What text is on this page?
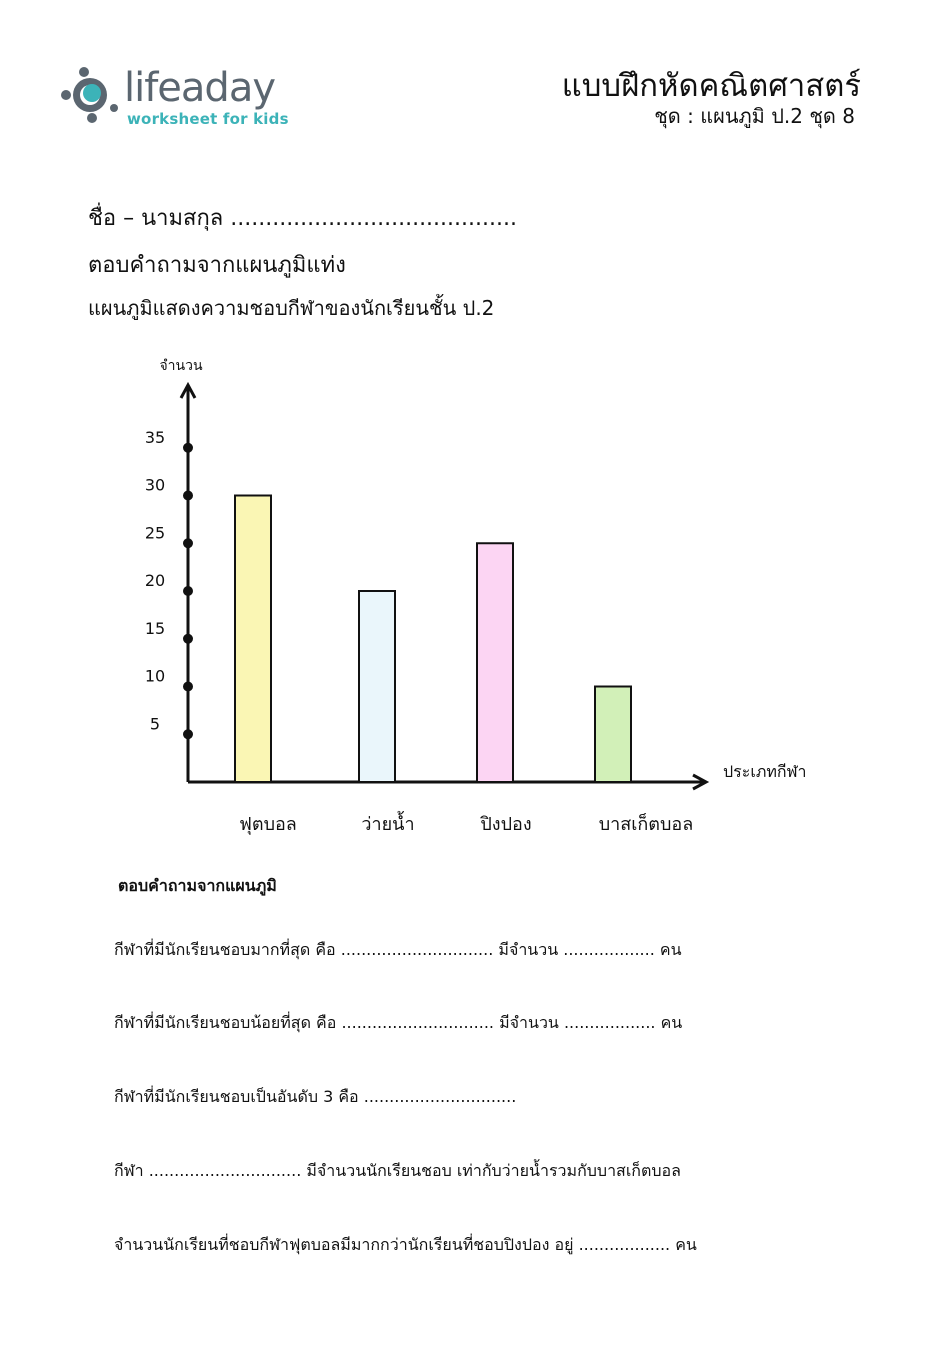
lifeaday
worksheet for kids
แบบฝึกหัดคณิตศาสตร์
ชุด : แผนภูมิ ป.2 ชุด 8
ชื่อ – นามสกุล .........................................
ตอบคำถามจากแผนภูมิแท่ง
แผนภูมิแสดงความชอบกีฬาของนักเรียนชั้น ป.2
จำนวน
ประเภทกีฬา
5
10
15
20
25
30
35
ฟุตบอล	ว่ายน้ำ	ปิงปอง	บาสเก็ตบอล
ตอบคำถามจากแผนภูมิ
กีฬาที่มีนักเรียนชอบมากที่สุด คือ .............................. มีจำนวน .................. คน
กีฬาที่มีนักเรียนชอบน้อยที่สุด คือ .............................. มีจำนวน .................. คน
กีฬาที่มีนักเรียนชอบเป็นอันดับ 3 คือ ..............................
กีฬา .............................. มีจำนวนนักเรียนชอบ เท่ากับว่ายน้ำรวมกับบาสเก็ตบอล
จำนวนนักเรียนที่ชอบกีฬาฟุตบอลมีมากกว่านักเรียนที่ชอบปิงปอง อยู่ .................. คน
